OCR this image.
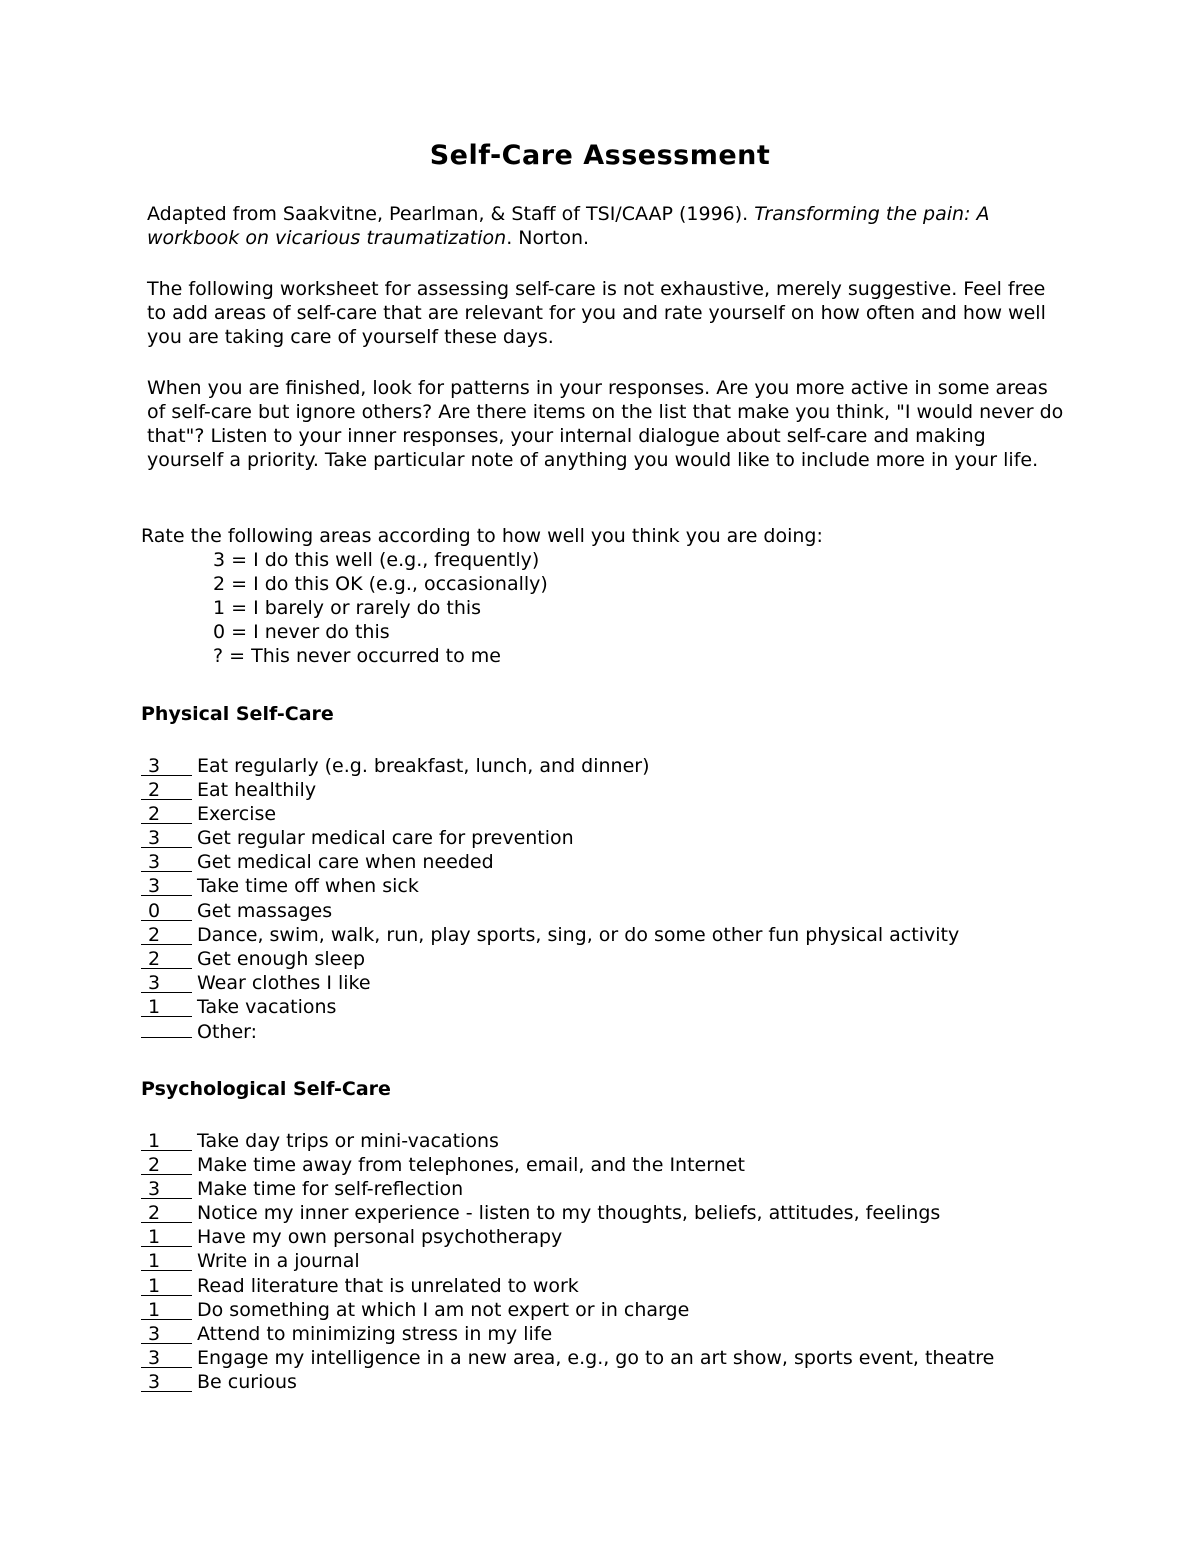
Self-Care Assessment

Adapted from Saakvitne, Pearlman, & Staff of TSI/CAAP (1996). Transforming the pain: A workbook on vicarious traumatization. Norton.

The following worksheet for assessing self-care is not exhaustive, merely suggestive. Feel free to add areas of self-care that are relevant for you and rate yourself on how often and how well you are taking care of yourself these days.

When you are finished, look for patterns in your responses. Are you more active in some areas of self-care but ignore others? Are there items on the list that make you think, "I would never do that"? Listen to your inner responses, your internal dialogue about self-care and making yourself a priority. Take particular note of anything you would like to include more in your life.

Rate the following areas according to how well you think you are doing:
3 = I do this well (e.g., frequently)
2 = I do this OK (e.g., occasionally)
1 = I barely or rarely do this
0 = I never do this
? = This never occurred to me
Physical Self-Care
3 Eat regularly (e.g. breakfast, lunch, and dinner)
2 Eat healthily
2 Exercise
3 Get regular medical care for prevention
3 Get medical care when needed
3 Take time off when sick
0 Get massages
2 Dance, swim, walk, run, play sports, sing, or do some other fun physical activity
2 Get enough sleep
3 Wear clothes I like
1 Take vacations
Other:
Psychological Self-Care
1 Take day trips or mini-vacations
2 Make time away from telephones, email, and the Internet
3 Make time for self-reflection
2 Notice my inner experience - listen to my thoughts, beliefs, attitudes, feelings
1 Have my own personal psychotherapy
1 Write in a journal
1 Read literature that is unrelated to work
1 Do something at which I am not expert or in charge
3 Attend to minimizing stress in my life
3 Engage my intelligence in a new area, e.g., go to an art show, sports event, theatre
3 Be curious
